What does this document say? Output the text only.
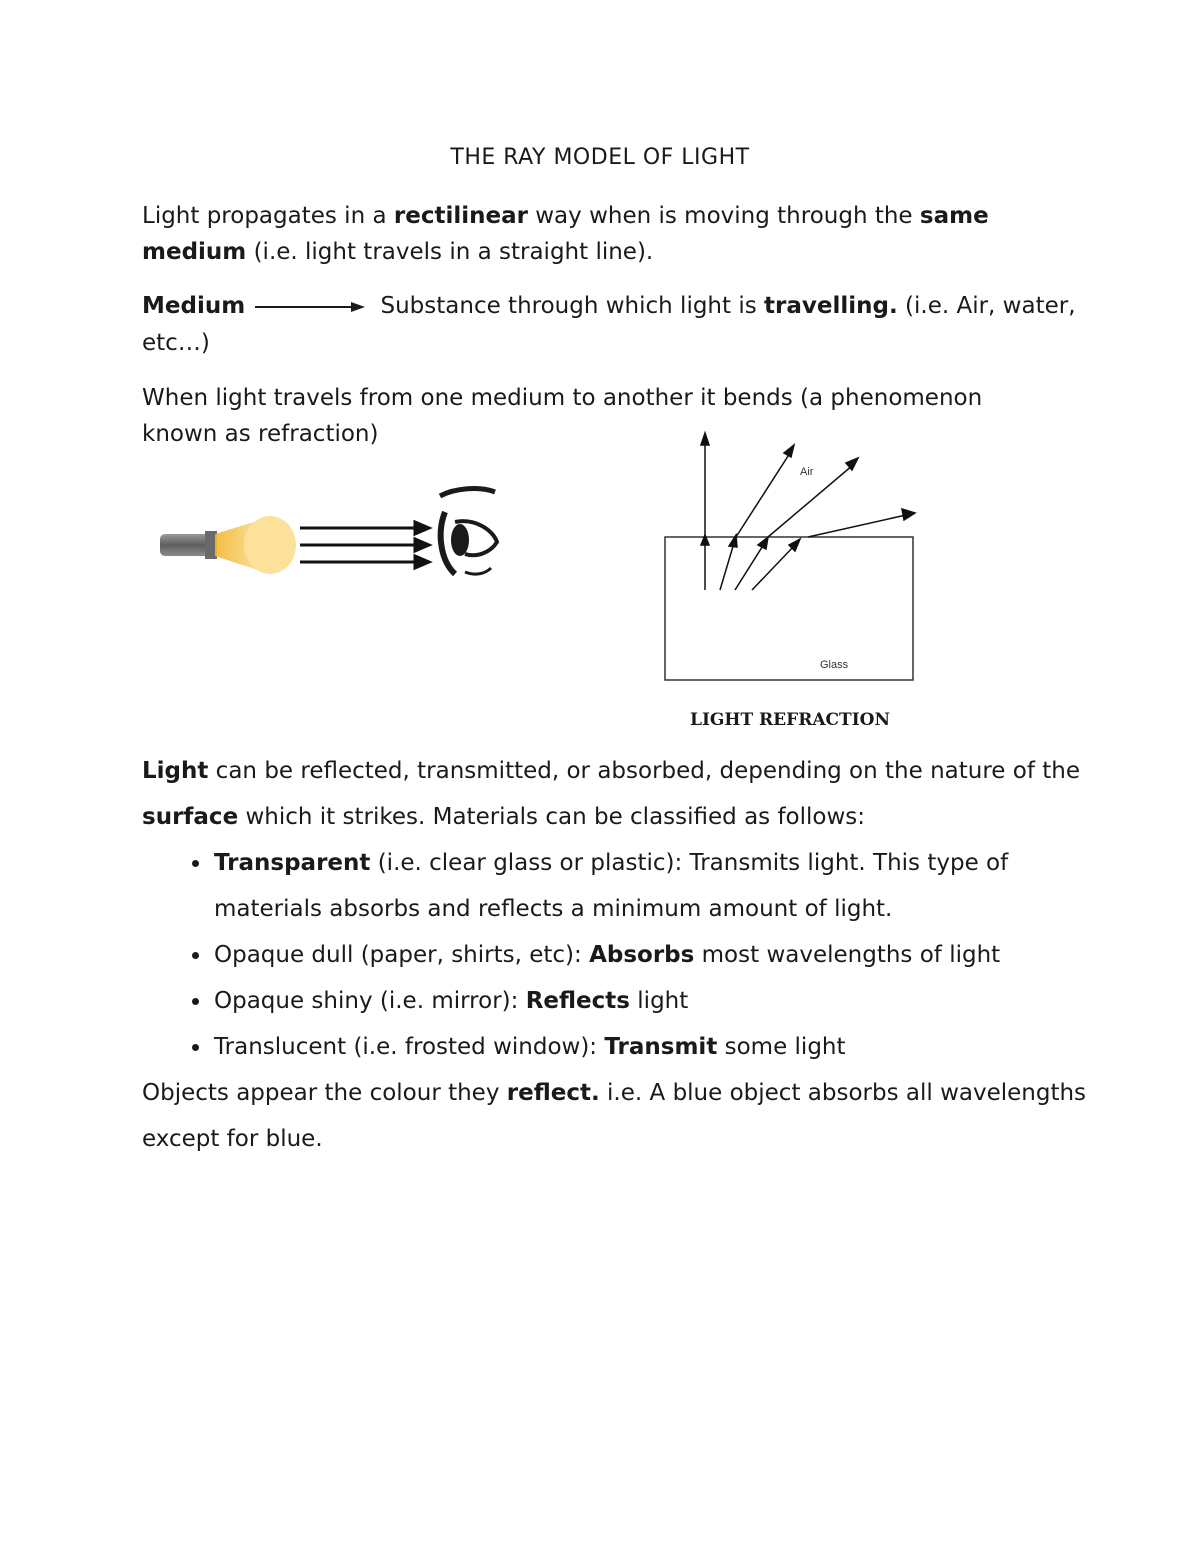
THE RAY MODEL OF LIGHT

Light propagates in a rectilinear way when is moving through the same medium (i.e. light travels in a straight line).

Medium	Substance through which light is travelling. (i.e. Air, water, etc…)

When light travels from one medium to another it bends (a phenomenon known as refraction)

Air
Glass
LIGHT REFRACTION

Light can be reflected, transmitted, or absorbed, depending on the nature of the surface which it strikes. Materials can be classified as follows:

• Transparent (i.e. clear glass or plastic): Transmits light. This type of materials absorbs and reflects a minimum amount of light.
• Opaque dull (paper, shirts, etc): Absorbs most wavelengths of light
• Opaque shiny (i.e. mirror): Reflects light
• Translucent (i.e. frosted window): Transmit some light

Objects appear the colour they reflect. i.e. A blue object absorbs all wavelengths except for blue.
